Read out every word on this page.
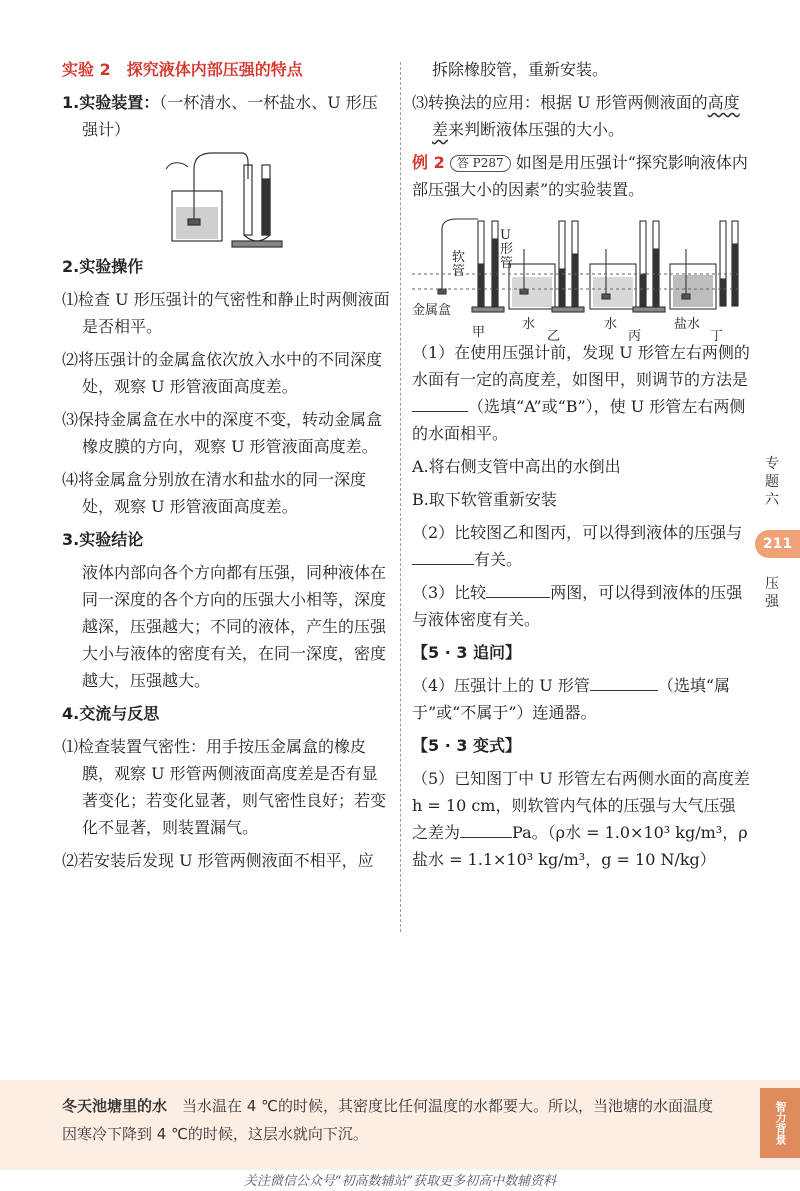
实验 2　探究液体内部压强的特点
1.实验装置：（一杯清水、一杯盐水、U 形压强计）
2.实验操作
⑴检查 U 形压强计的气密性和静止时两侧液面是否相平。
⑵将压强计的金属盒依次放入水中的不同深度处，观察 U 形管液面高度差。
⑶保持金属盒在水中的深度不变，转动金属盒橡皮膜的方向，观察 U 形管液面高度差。
⑷将金属盒分别放在清水和盐水的同一深度处，观察 U 形管液面高度差。
3.实验结论
液体内部向各个方向都有压强，同种液体在同一深度的各个方向的压强大小相等，深度越深，压强越大；不同的液体，产生的压强大小与液体的密度有关，在同一深度，密度越大，压强越大。
4.交流与反思
⑴检查装置气密性：用手按压金属盒的橡皮膜，观察 U 形管两侧液面高度差是否有显著变化；若变化显著，则气密性良好；若变化不显著，则装置漏气。
⑵若安装后发现 U 形管两侧液面不相平，应
拆除橡胶管，重新安装。
⑶转换法的应用：根据 U 形管两侧液面的高度差来判断液体压强的大小。
例 2 答 P287 如图是用压强计“探究影响液体内部压强大小的因素”的实验装置。
软管
U形管
金属盒
甲
水
乙
水
丙
盐水
丁
（1）在使用压强计前，发现 U 形管左右两侧的水面有一定的高度差，如图甲，则调节的方法是（选填“A”或“B”），使 U 形管左右两侧的水面相平。
A.将右侧支管中高出的水倒出
B.取下软管重新安装
（2）比较图乙和图丙，可以得到液体的压强与有关。
（3）比较	两图，可以得到液体的压强与液体密度有关。
【5 · 3 追问】
（4）压强计上的 U 形管	（选填“属于”或“不属于”）连通器。
【5 · 3 变式】
（5）已知图丁中 U 形管左右两侧水面的高度差 h = 10 cm，则软管内气体的压强与大气压强之差为	Pa。（ρ水 = 1.0×10³ kg/m³，ρ盐水 = 1.1×10³ kg/m³，g = 10 N/kg）
专题六
211
压强
冬天池塘里的水　 当水温在 4 ℃的时候，其密度比任何温度的水都要大。所以，当池塘的水面温度因寒冷下降到 4 ℃的时候，这层水就向下沉。	智力背景
关注微信公众号“初高数辅站”获取更多初高中数辅资料
